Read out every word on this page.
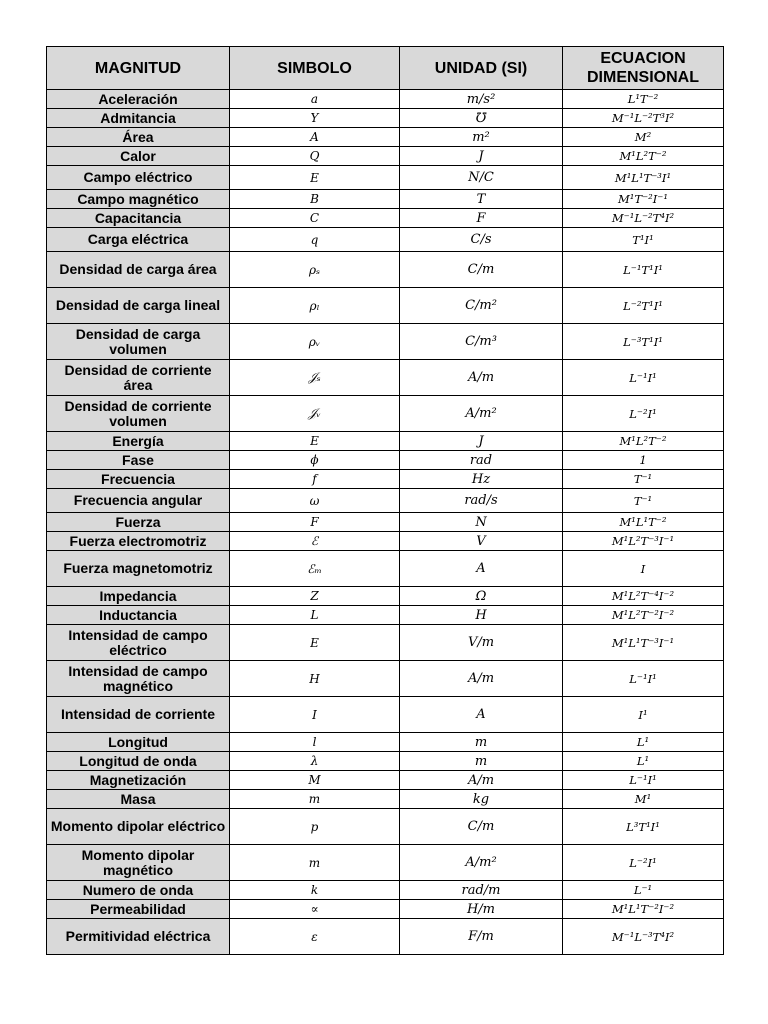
MAGNITUD	SIMBOLO	UNIDAD (SI)	ECUACION DIMENSIONAL
Aceleración	a	m/s²	L¹T⁻²
Admitancia	Υ	℧	M⁻¹L⁻²T³I²
Área	A	m²	M²
Calor	Q	J	M¹L²T⁻²
Campo eléctrico	E	N/C	M¹L¹T⁻³I¹
Campo magnético	B	T	M¹T⁻²I⁻¹
Capacitancia	C	F	M⁻¹L⁻²T⁴I²
Carga eléctrica	q	C/s	T¹I¹
Densidad de carga área	ρₛ	C/m	L⁻¹T¹I¹
Densidad de carga lineal	ρₗ	C/m²	L⁻²T¹I¹
Densidad de carga volumen	ρᵥ	C/m³	L⁻³T¹I¹
Densidad de corriente área	𝒥ₛ	A/m	L⁻¹I¹
Densidad de corriente volumen	𝒥ᵥ	A/m²	L⁻²I¹
Energía	E	J	M¹L²T⁻²
Fase	ϕ	rad	1
Frecuencia	f	Hz	T⁻¹
Frecuencia angular	ω	rad/s	T⁻¹
Fuerza	F	N	M¹L¹T⁻²
Fuerza electromotriz	ℰ	V	M¹L²T⁻³I⁻¹
Fuerza magnetomotriz	ℰₘ	A	I
Impedancia	Z	Ω	M¹L²T⁻⁴I⁻²
Inductancia	L	H	M¹L²T⁻²I⁻²
Intensidad de campo eléctrico	E	V/m	M¹L¹T⁻³I⁻¹
Intensidad de campo magnético	H	A/m	L⁻¹I¹
Intensidad de corriente	I	A	I¹
Longitud	l	m	L¹
Longitud de onda	λ	m	L¹
Magnetización	M	A/m	L⁻¹I¹
Masa	m	kg	M¹
Momento dipolar eléctrico	p	C/m	L³T¹I¹
Momento dipolar magnético	m	A/m²	L⁻²I¹
Numero de onda	k	rad/m	L⁻¹
Permeabilidad	∝	H/m	M¹L¹T⁻²I⁻²
Permitividad eléctrica	ε	F/m	M⁻¹L⁻³T⁴I²
